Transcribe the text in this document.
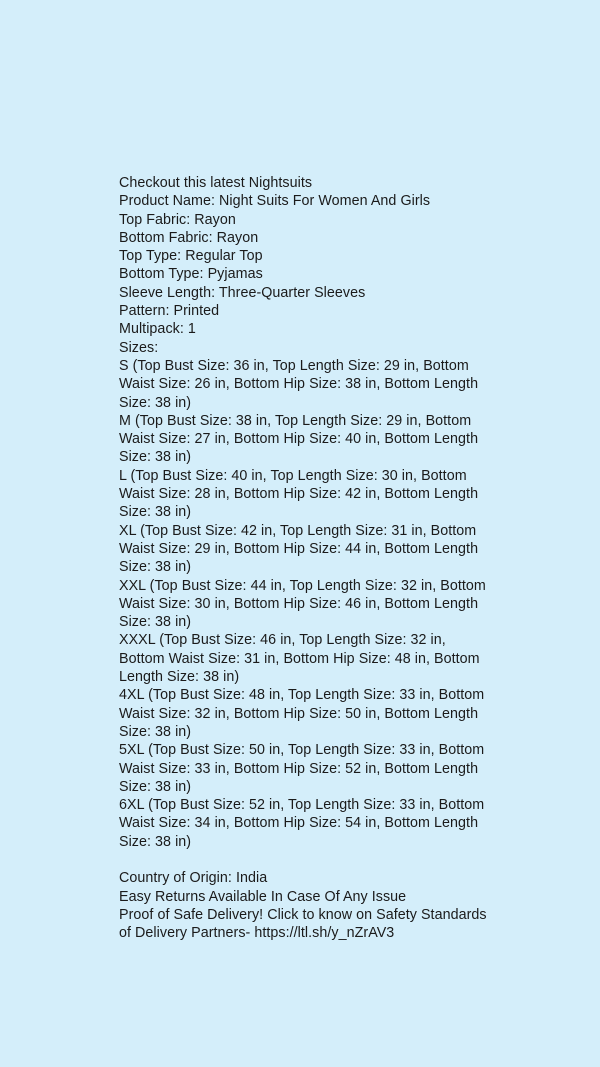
Checkout this latest Nightsuits

Product Name: Night Suits For Women And Girls

Top Fabric: Rayon

Bottom Fabric: Rayon

Top Type: Regular Top

Bottom Type: Pyjamas

Sleeve Length: Three-Quarter Sleeves

Pattern: Printed

Multipack: 1

Sizes:

S (Top Bust Size: 36 in, Top Length Size: 29 in, Bottom Waist Size: 26 in, Bottom Hip Size: 38 in, Bottom Length Size: 38 in)

M (Top Bust Size: 38 in, Top Length Size: 29 in, Bottom Waist Size: 27 in, Bottom Hip Size: 40 in, Bottom Length Size: 38 in)

L (Top Bust Size: 40 in, Top Length Size: 30 in, Bottom Waist Size: 28 in, Bottom Hip Size: 42 in, Bottom Length Size: 38 in)

XL (Top Bust Size: 42 in, Top Length Size: 31 in, Bottom Waist Size: 29 in, Bottom Hip Size: 44 in, Bottom Length Size: 38 in)

XXL (Top Bust Size: 44 in, Top Length Size: 32 in, Bottom Waist Size: 30 in, Bottom Hip Size: 46 in, Bottom Length Size: 38 in)

XXXL (Top Bust Size: 46 in, Top Length Size: 32 in, Bottom Waist Size: 31 in, Bottom Hip Size: 48 in, Bottom Length Size: 38 in)

4XL (Top Bust Size: 48 in, Top Length Size: 33 in, Bottom Waist Size: 32 in, Bottom Hip Size: 50 in, Bottom Length Size: 38 in)

5XL (Top Bust Size: 50 in, Top Length Size: 33 in, Bottom Waist Size: 33 in, Bottom Hip Size: 52 in, Bottom Length Size: 38 in)

6XL (Top Bust Size: 52 in, Top Length Size: 33 in, Bottom Waist Size: 34 in, Bottom Hip Size: 54 in, Bottom Length Size: 38 in)

Country of Origin: India

Easy Returns Available In Case Of Any Issue

Proof of Safe Delivery! Click to know on Safety Standards of Delivery Partners- https://ltl.sh/y_nZrAV3
